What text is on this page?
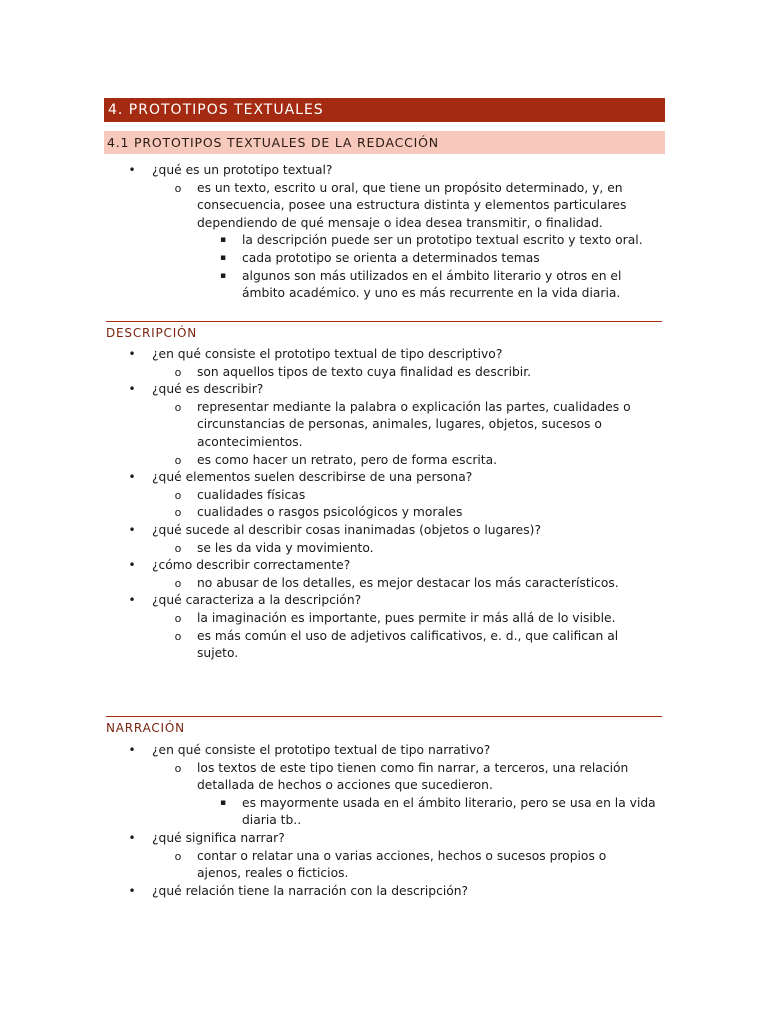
4. PROTOTIPOS TEXTUALES
4.1 PROTOTIPOS TEXTUALES DE LA REDACCIÓN
• ¿qué es un prototipo textual?
o es un texto, escrito u oral, que tiene un propósito determinado, y, en consecuencia, posee una estructura distinta y elementos particulares dependiendo de qué mensaje o idea desea transmitir, o finalidad.
▪ la descripción puede ser un prototipo textual escrito y texto oral.
▪ cada prototipo se orienta a determinados temas
▪ algunos son más utilizados en el ámbito literario y otros en el ámbito académico. y uno es más recurrente en la vida diaria.
DESCRIPCIÓN
• ¿en qué consiste el prototipo textual de tipo descriptivo?
o son aquellos tipos de texto cuya finalidad es describir.
• ¿qué es describir?
o representar mediante la palabra o explicación las partes, cualidades o circunstancias de personas, animales, lugares, objetos, sucesos o acontecimientos.
o es como hacer un retrato, pero de forma escrita.
• ¿qué elementos suelen describirse de una persona?
o cualidades físicas
o cualidades o rasgos psicológicos y morales
• ¿qué sucede al describir cosas inanimadas (objetos o lugares)?
o se les da vida y movimiento.
• ¿cómo describir correctamente?
o no abusar de los detalles, es mejor destacar los más característicos.
• ¿qué caracteriza a la descripción?
o la imaginación es importante, pues permite ir más allá de lo visible.
o es más común el uso de adjetivos calificativos, e. d., que califican al sujeto.
NARRACIÓN
• ¿en qué consiste el prototipo textual de tipo narrativo?
o los textos de este tipo tienen como fin narrar, a terceros, una relación detallada de hechos o acciones que sucedieron.
▪ es mayormente usada en el ámbito literario, pero se usa en la vida diaria tb..
• ¿qué significa narrar?
o contar o relatar una o varias acciones, hechos o sucesos propios o ajenos, reales o ficticios.
• ¿qué relación tiene la narración con la descripción?
